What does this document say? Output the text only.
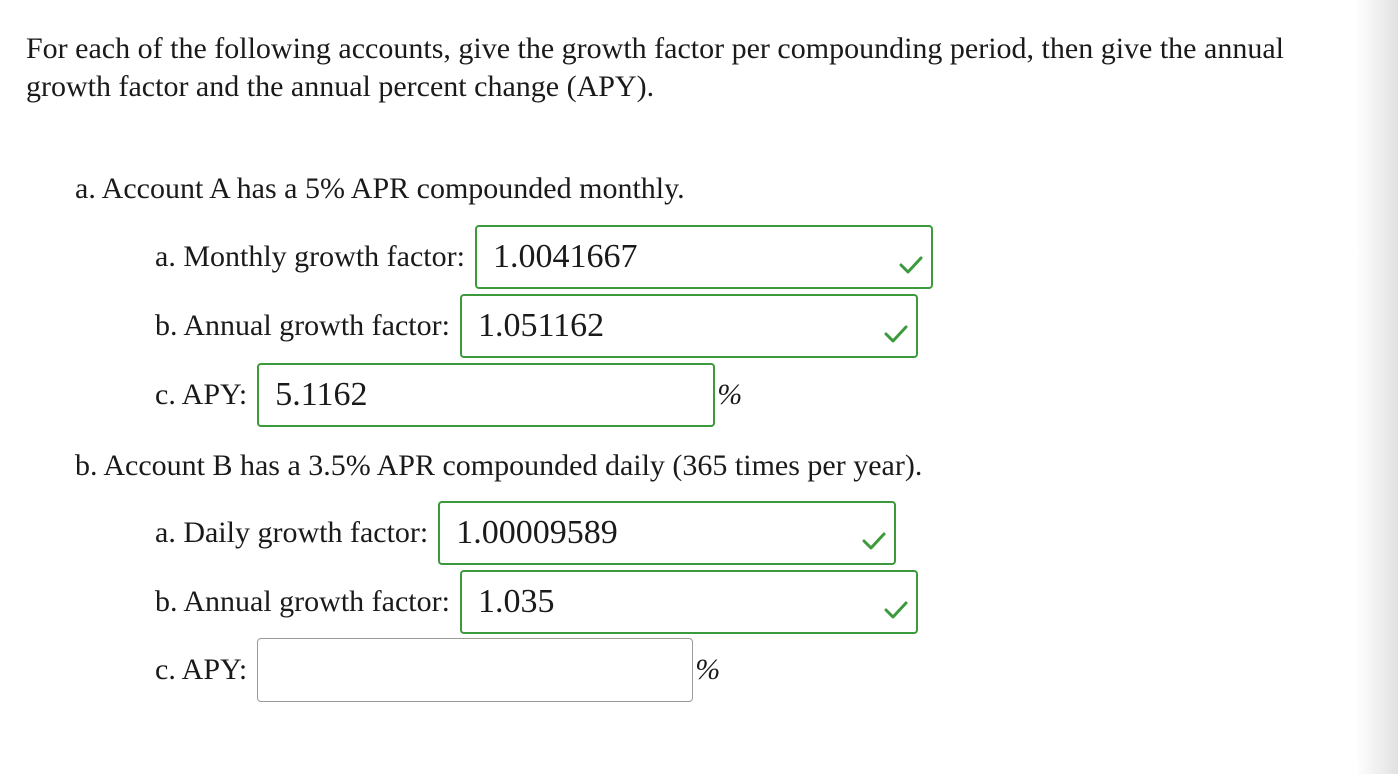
For each of the following accounts, give the growth factor per compounding period, then give the annual growth factor and the annual percent change (APY).

a. Account A has a 5% APR compounded monthly.

a. Monthly growth factor: 1.0041667
b. Annual growth factor: 1.051162
c. APY: 5.1162	%

b. Account B has a 3.5% APR compounded daily (365 times per year).

a. Daily growth factor: 1.00009589
b. Annual growth factor: 1.035
c. APY:	%
